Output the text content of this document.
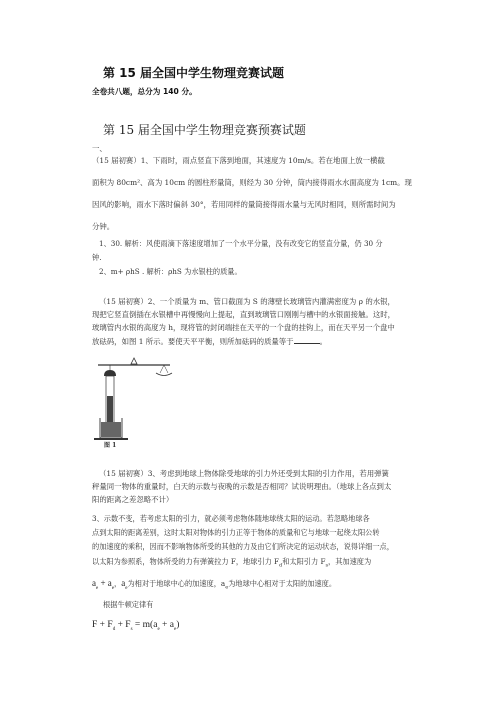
第 15 届全国中学生物理竞赛试题
全卷共八题，总分为 140 分。
第 15 届全国中学生物理竞赛预赛试题
一、
（15 届初赛）1、下雨时，雨点竖直下落到地面，其速度为 10m/s。若在地面上放一横截
面积为 80cm²、高为 10cm 的圆柱形量筒，则经为 30 分钟，筒内接得雨水水面高度为 1cm。现
因风的影响，雨水下落时偏斜 30°，若用同样的量筒接得雨水量与无风时相同，则所需时间为
分钟。
1、30. 解析：风使雨滴下落速度增加了一个水平分量，没有改变它的竖直分量，仍 30 分
钟.
2、m+ ρhS . 解析：ρhS 为水银柱的质量。
（15 届初赛）2、一个质量为 m、管口截面为 S 的薄壁长玻璃管内灌满密度为 ρ 的水银，
现把它竖直倒插在水银槽中再慢慢向上提起，直到玻璃管口刚刚与槽中的水银面接触。这时，
玻璃管内水银的高度为 h，现将管的封闭端挂在天平的一个盘的挂钩上，而在天平另一个盘中
放砝码，如图 1 所示。要使天平平衡，则所加砝码的质量等于	。
图 1
（15 届初赛）3、考虑到地球上物体除受地球的引力外还受到太阳的引力作用，若用弹簧
秤量同一物体的重量时，白天的示数与夜晚的示数是否相同？试说明理由。（地球上各点到太
阳的距离之差忽略不计）
3、示数不变，若考虑太阳的引力，就必须考虑物体随地球绕太阳的运动。若忽略地球各
点到太阳的距离差别，这时太阳对物体的引力正等于物体的质量和它与地球一起绕太阳公转
的加速度的乘积，因而不影响物体所受的其他的力及由它们所决定的运动状态，说得详细一点，
以太阳为参照系，物体所受的力有弹簧拉力 F，地球引力 $F_d$和太阳引力 $F_s$，其加速度为
$a_e + a_e$，$a_e$为相对于地球中心的加速度，$a_e$为地球中心相对于太阳的加速度。
根据牛顿定律有
$F + F_d + F_s = m(a_e + a_e)$
